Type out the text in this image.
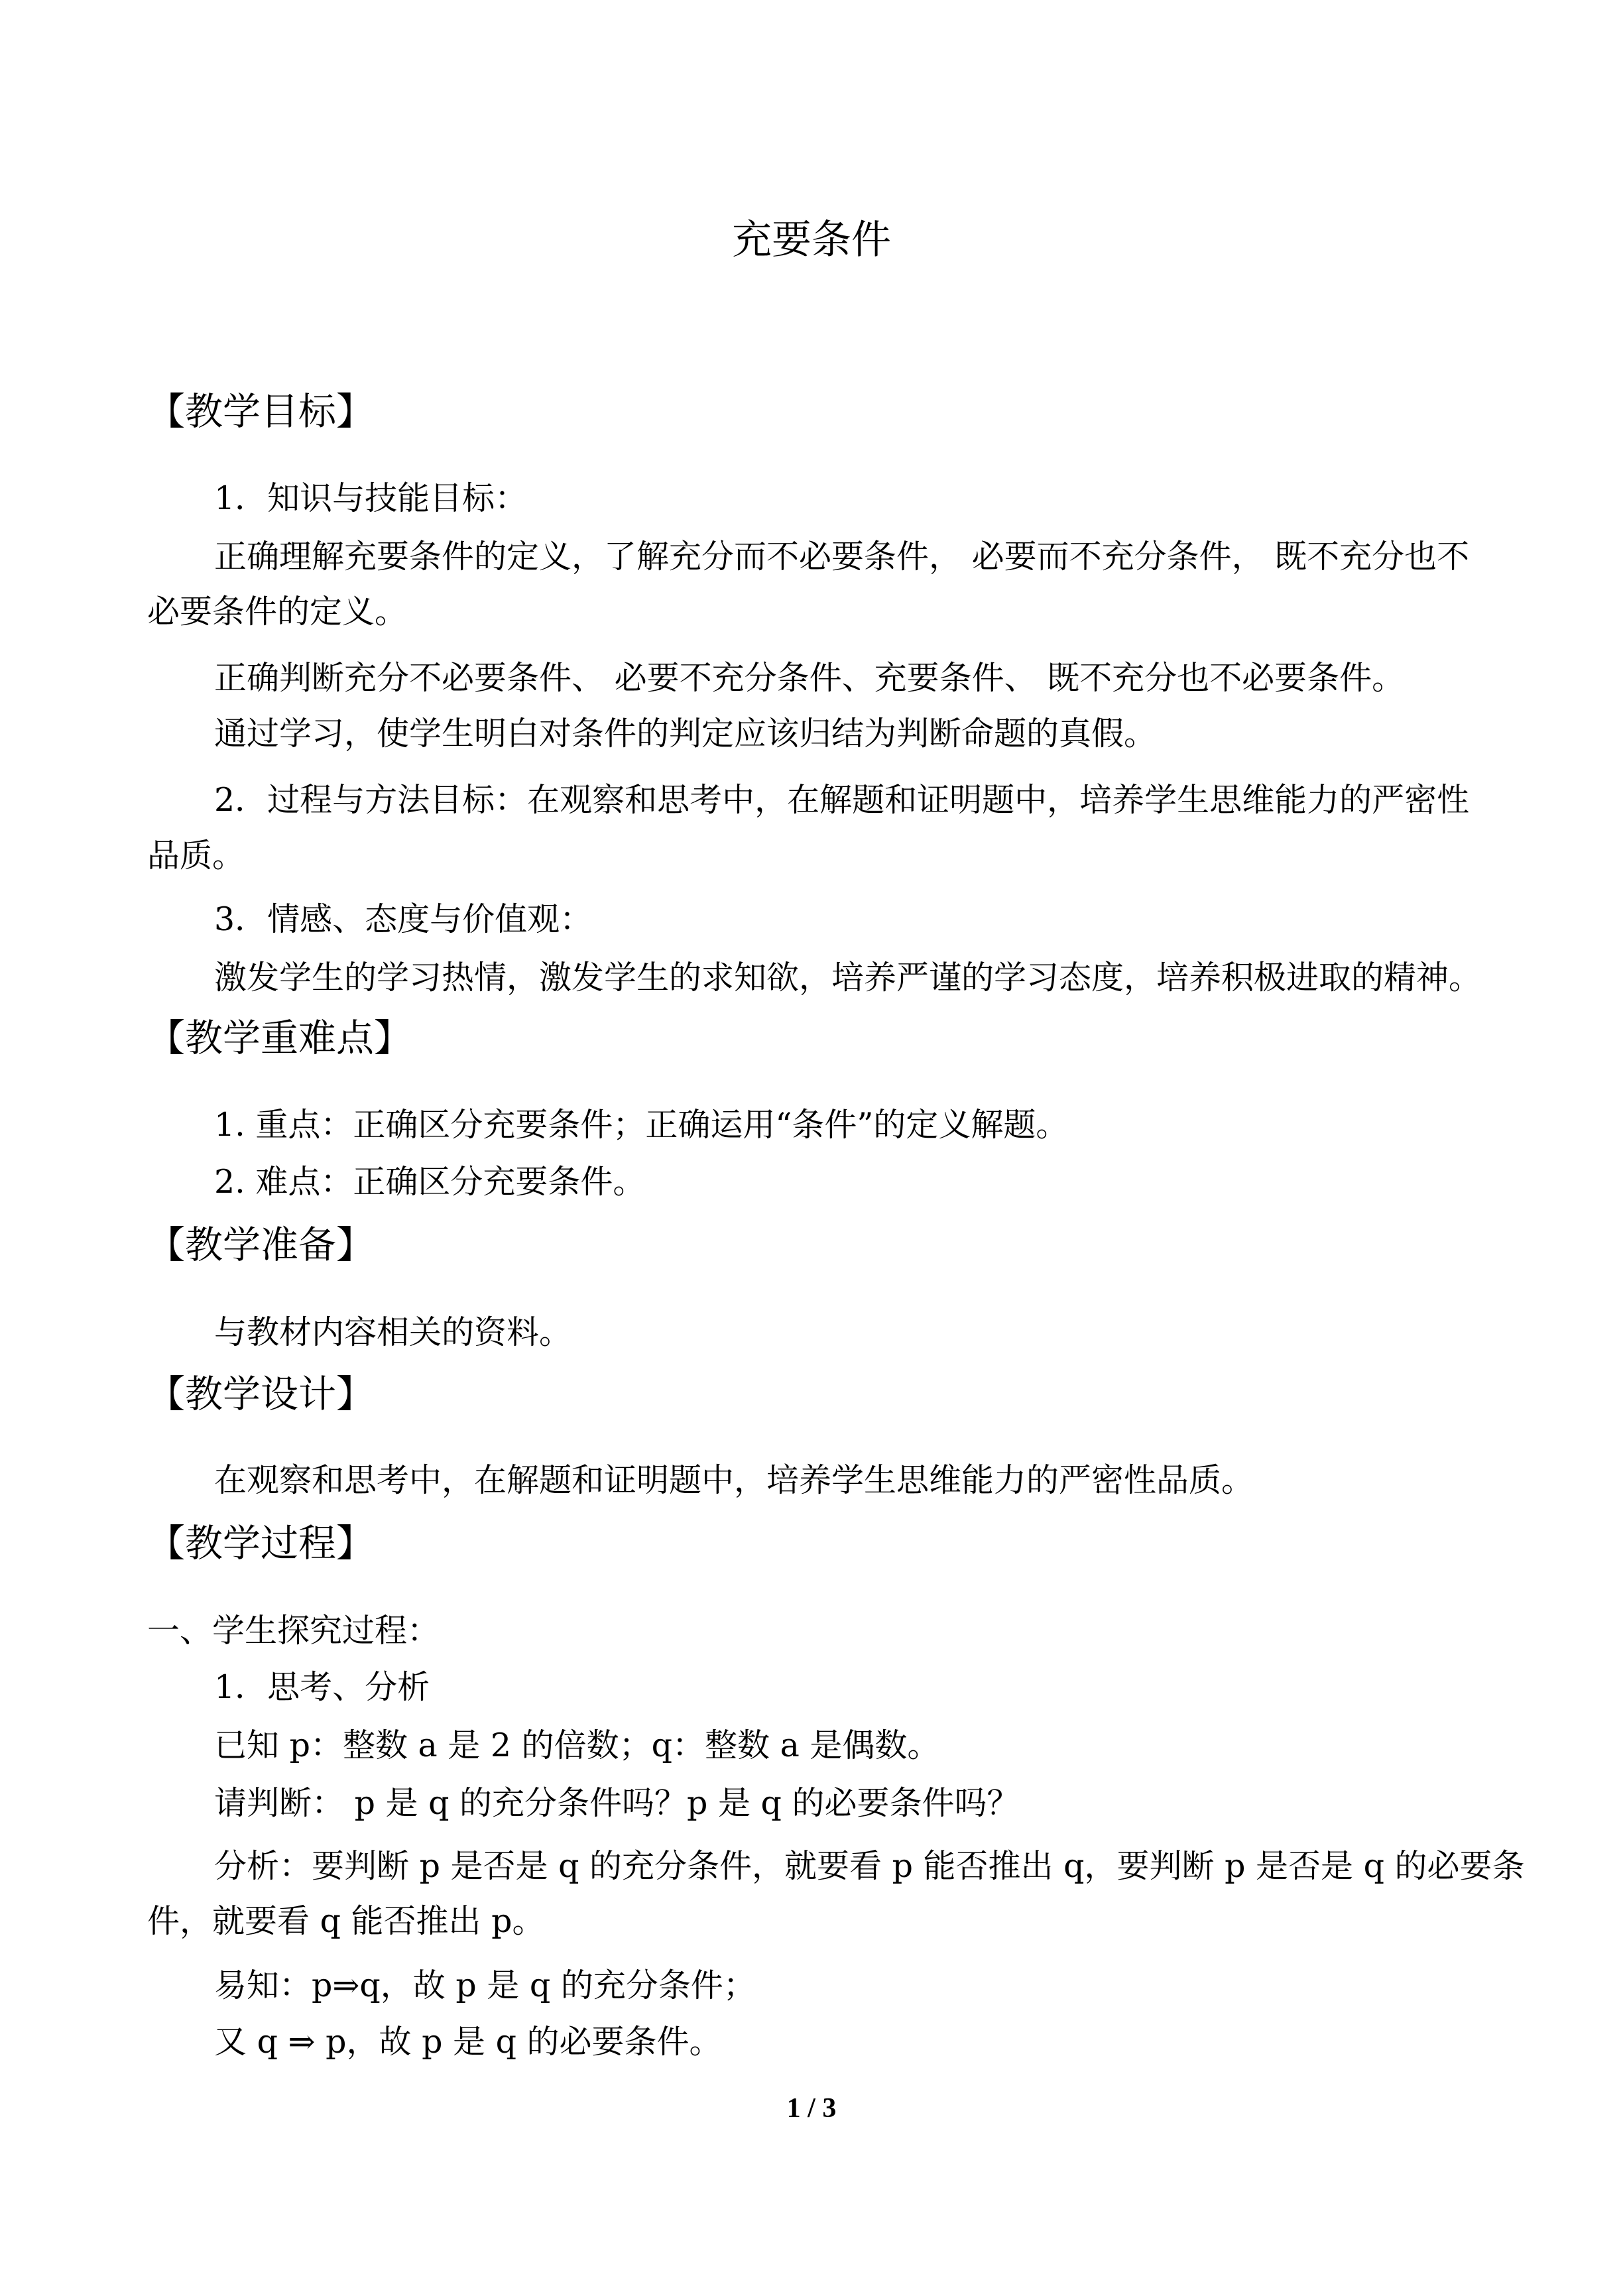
充要条件
【教学目标】
1．知识与技能目标：
正确理解充要条件的定义，了解充分而不必要条件， 必要而不充分条件， 既不充分也不
必要条件的定义。
正确判断充分不必要条件、 必要不充分条件、充要条件、 既不充分也不必要条件。
通过学习，使学生明白对条件的判定应该归结为判断命题的真假。
2．过程与方法目标：在观察和思考中，在解题和证明题中，培养学生思维能力的严密性
品质。
3．情感、态度与价值观：
激发学生的学习热情，激发学生的求知欲，培养严谨的学习态度，培养积极进取的精神。
【教学重难点】
1. 重点：正确区分充要条件；正确运用“条件”的定义解题。
2. 难点：正确区分充要条件。
【教学准备】
与教材内容相关的资料。
【教学设计】
在观察和思考中，在解题和证明题中，培养学生思维能力的严密性品质。
【教学过程】
一、学生探究过程：
1．思考、分析
已知 p：整数 a 是 2 的倍数；q：整数 a 是偶数。
请判断： p 是 q 的充分条件吗？p 是 q 的必要条件吗？
分析：要判断 p 是否是 q 的充分条件，就要看 p 能否推出 q，要判断 p 是否是 q 的必要条
件，就要看 q 能否推出 p。
易知：p⇒q，故 p 是 q 的充分条件；
又 q ⇒ p，故 p 是 q 的必要条件。
1 / 3
